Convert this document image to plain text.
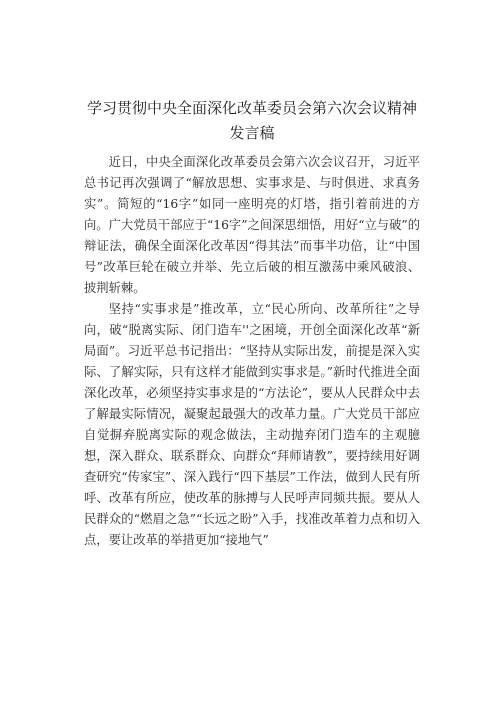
学习贯彻中央全面深化改革委员会第六次会议精神发言稿

近日，中央全面深化改革委员会第六次会议召开，习近平总书记再次强调了“解放思想、实事求是、与时俱进、求真务实”。简短的“16字”如同一座明亮的灯塔，指引着前进的方向。广大党员干部应于“16字”之间深思细悟，用好“立与破”的辩证法，确保全面深化改革因“得其法”而事半功倍，让“中国号”改革巨轮在破立并举、先立后破的相互激荡中乘风破浪、披荆斩棘。

坚持“实事求是”推改革，立“民心所向、改革所往”之导向，破“脱离实际、闭门造车''之困境，开创全面深化改革“新局面”。习近平总书记指出：“坚持从实际出发，前提是深入实际、了解实际，只有这样才能做到实事求是。”新时代推进全面深化改革，必须坚持实事求是的“方法论”，要从人民群众中去了解最实际情况，凝聚起最强大的改革力量。广大党员干部应自觉摒弃脱离实际的观念做法，主动抛弃闭门造车的主观臆想，深入群众、联系群众、向群众“拜师请教”，要持续用好调查研究“传家宝”、深入践行“四下基层”工作法，做到人民有所呼、改革有所应，使改革的脉搏与人民呼声同频共振。要从人民群众的“燃眉之急”“长远之盼”入手，找准改革着力点和切入点，要让改革的举措更加“接地气”
